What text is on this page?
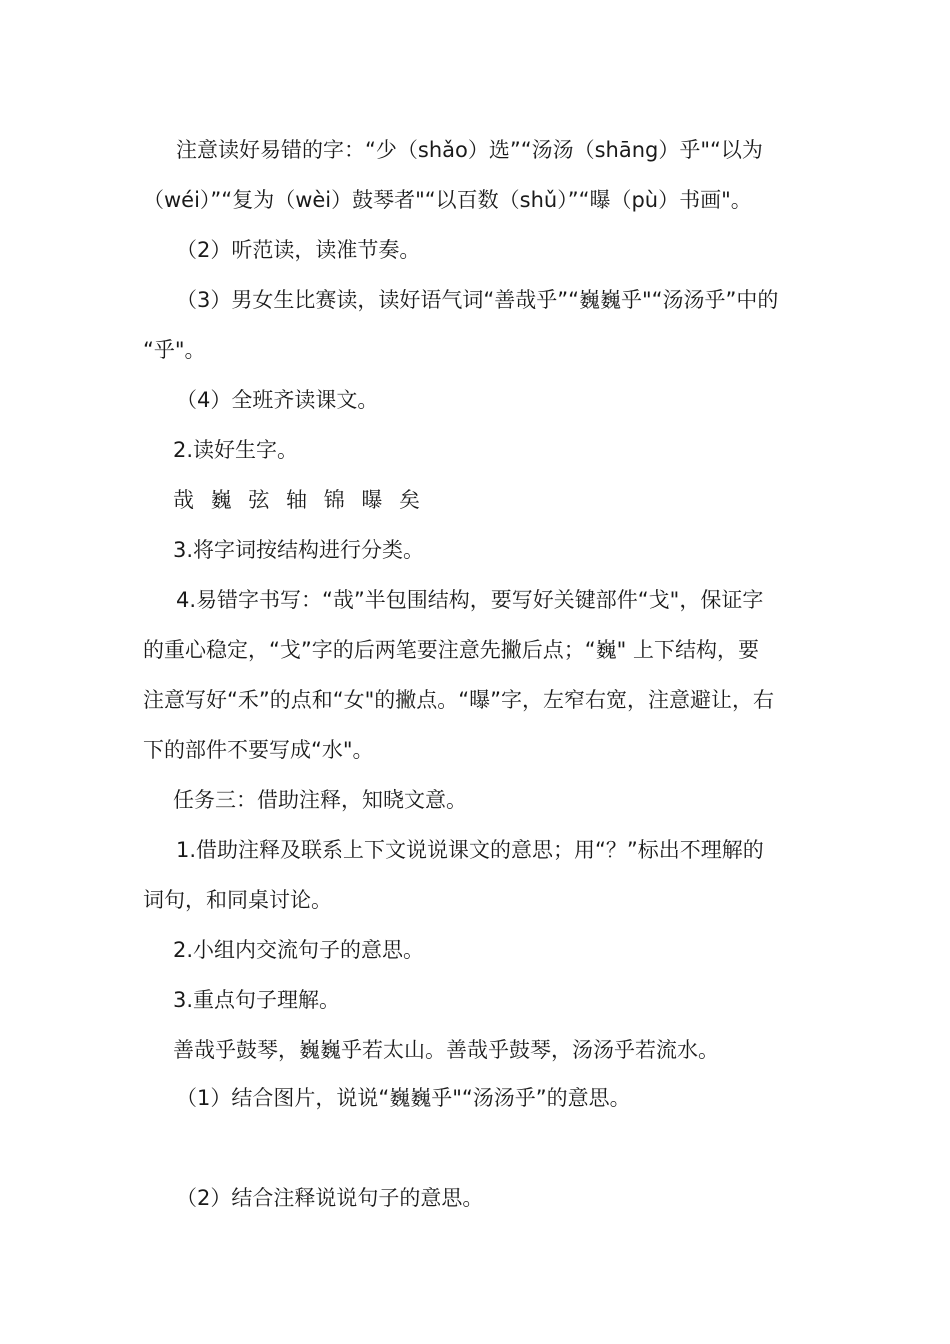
注意读好易错的字：“少（shǎo）选”“汤汤（shāng）乎"“以为
（wéi）”“复为（wèi）鼓琴者"“以百数（shǔ）”“曝（pù）书画"。
（2）听范读，读准节奏。
（3）男女生比赛读，读好语气词“善哉乎”“巍巍乎"“汤汤乎”中的
“乎"。
（4）全班齐读课文。
2.读好生字。
哉 巍 弦 轴 锦 曝 矣
3.将字词按结构进行分类。
4.易错字书写：“哉”半包围结构，要写好关键部件“戈"，保证字
的重心稳定，“戈”字的后两笔要注意先撇后点；“巍" 上下结构，要
注意写好“禾”的点和“女"的撇点。“曝”字，左窄右宽，注意避让，右
下的部件不要写成“水"。
任务三：借助注释，知晓文意。
1.借助注释及联系上下文说说课文的意思；用“？”标出不理解的
词句，和同桌讨论。
2.小组内交流句子的意思。
3.重点句子理解。
善哉乎鼓琴，巍巍乎若太山。善哉乎鼓琴，汤汤乎若流水。
（1）结合图片，说说“巍巍乎"“汤汤乎”的意思。
（2）结合注释说说句子的意思。
